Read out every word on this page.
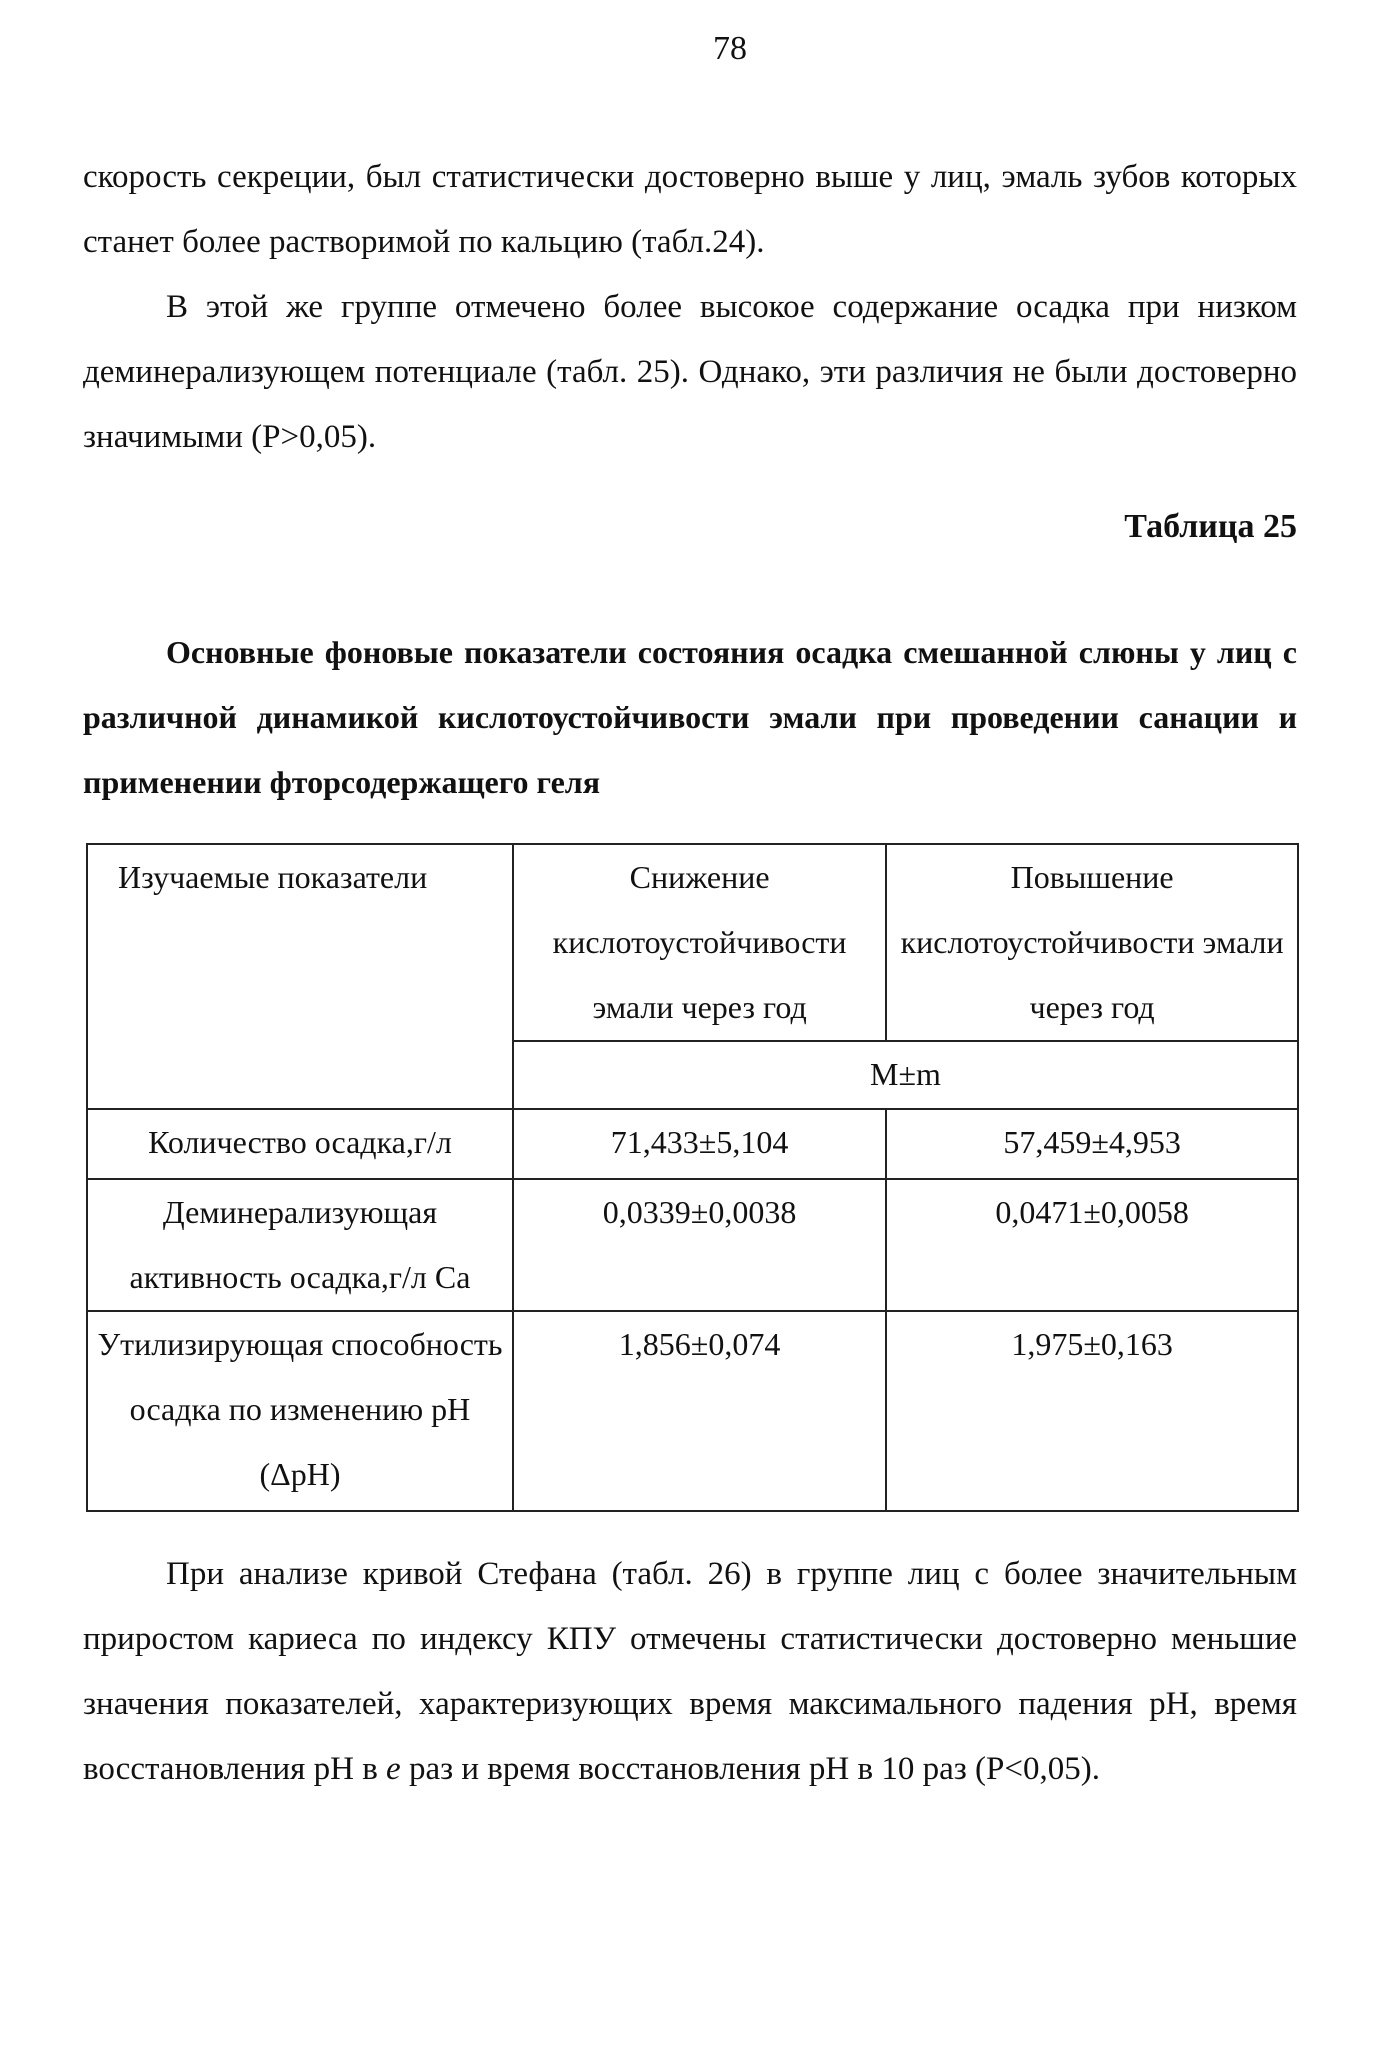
78

скорость секреции, был статистически достоверно выше у лиц, эмаль зубов которых станет более растворимой по кальцию (табл.24).

В этой же группе отмечено более высокое содержание осадка при низком деминерализующем потенциале (табл. 25). Однако, эти различия не были достоверно значимыми (Р>0,05).

Таблица 25

Основные фоновые показатели состояния осадка смешанной слюны у лиц с различной динамикой кислотоустойчивости эмали при проведении санации и применении фторсодержащего геля

Изучаемые показатели	Снижение кислотоустойчивости эмали через год	Повышение кислотоустойчивости эмали через год
	M±m	
Количество осадка,г/л	71,433±5,104	57,459±4,953
Деминерализующая активность осадка,г/л Са	0,0339±0,0038	0,0471±0,0058
Утилизирующая способность осадка по изменению рН (ΔрН)	1,856±0,074	1,975±0,163

При анализе кривой Стефана (табл. 26) в группе лиц с более значительным приростом кариеса по индексу КПУ отмечены статистически достоверно меньшие значения показателей, характеризующих время максимального падения рН, время восстановления рН в e раз и время восстановления рН в 10 раз (Р<0,05).
